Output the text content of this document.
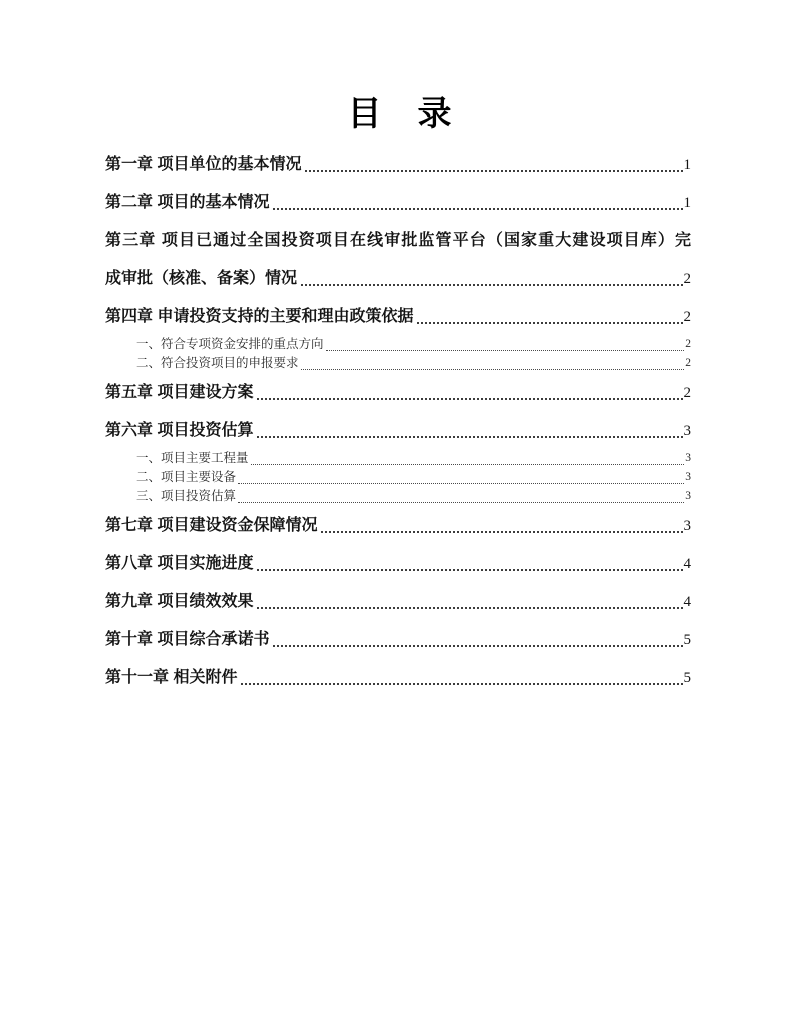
目　录
第一章 项目单位的基本情况	1
第二章 项目的基本情况	1
第三章 项目已通过全国投资项目在线审批监管平台（国家重大建设项目库）完
成审批（核准、备案）情况	2
第四章 申请投资支持的主要和理由政策依据	2
一、符合专项资金安排的重点方向	2
二、符合投资项目的申报要求	2
第五章 项目建设方案	2
第六章 项目投资估算	3
一、项目主要工程量	3
二、项目主要设备	3
三、项目投资估算	3
第七章 项目建设资金保障情况	3
第八章 项目实施进度	4
第九章 项目绩效效果	4
第十章 项目综合承诺书	5
第十一章 相关附件	5
